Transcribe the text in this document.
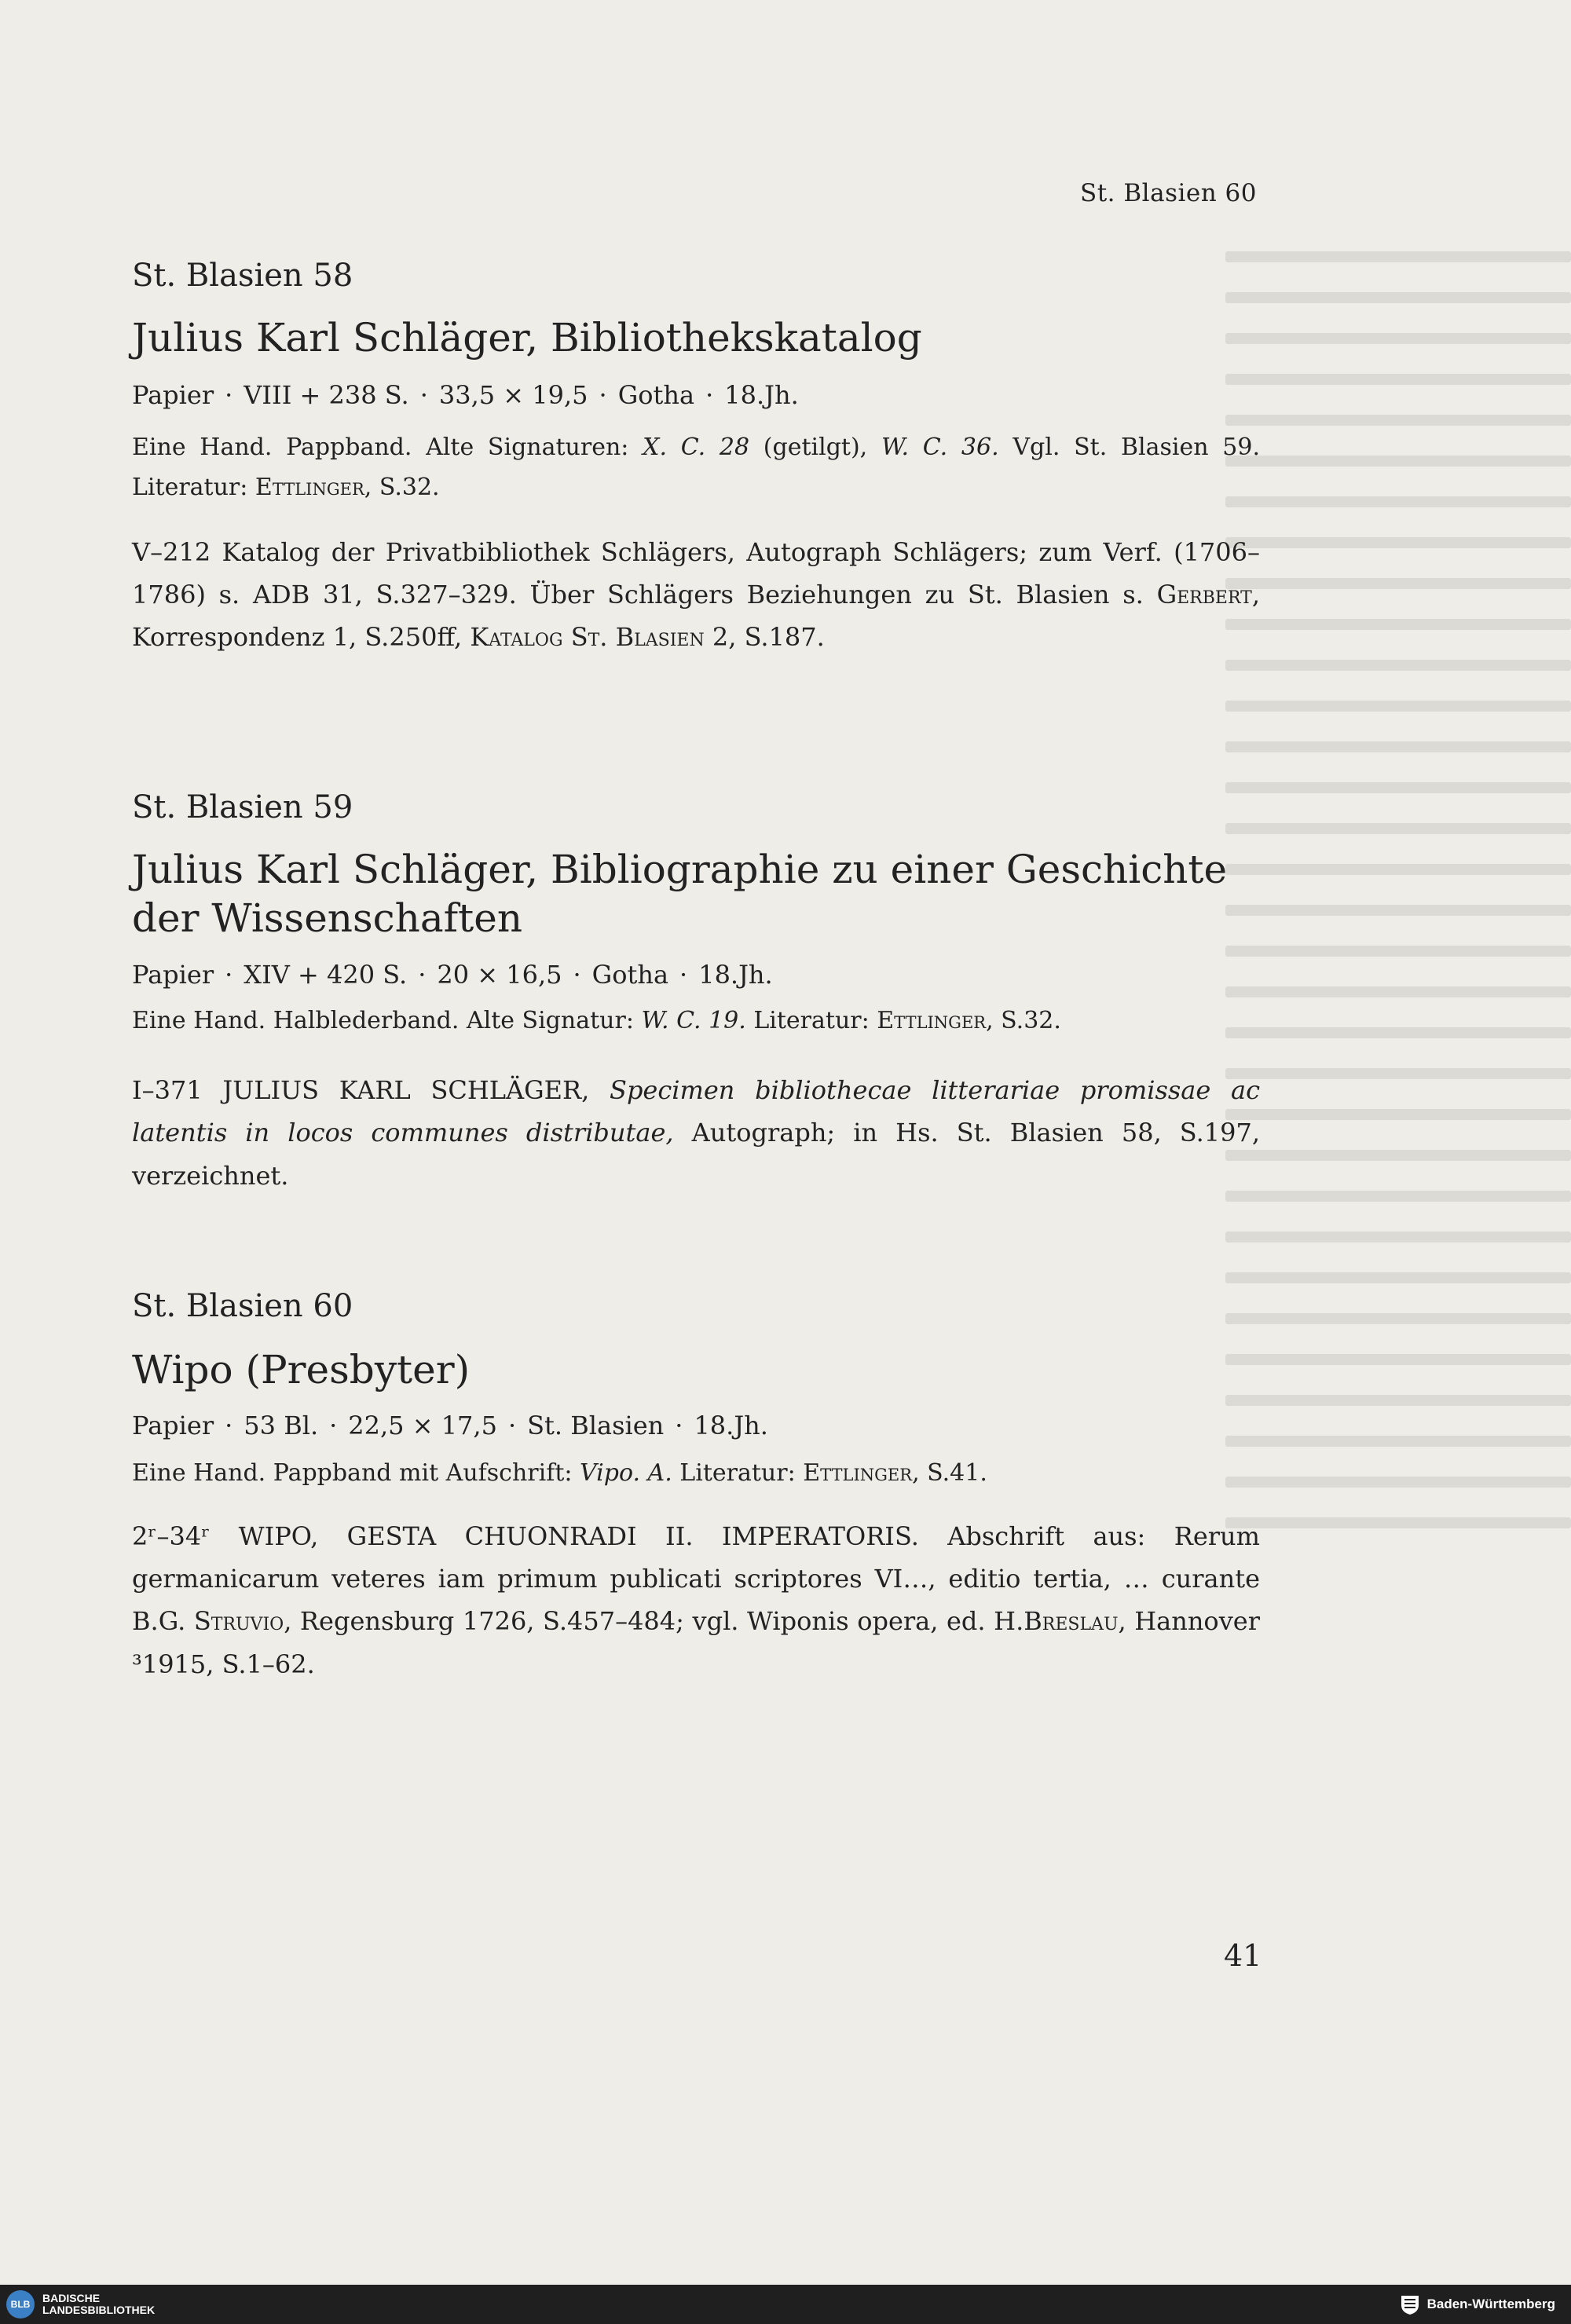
St. Blasien 60
St. Blasien 58
Julius Karl Schläger, Bibliothekskatalog

Papier · VIII + 238 S. · 33,5 × 19,5 · Gotha · 18.Jh.

Eine Hand. Pappband. Alte Signaturen: X. C. 28 (getilgt), W. C. 36. Vgl. St. Blasien 59. Literatur: Ettlinger, S.32.

V–212 Katalog der Privatbibliothek Schlägers, Autograph Schlägers; zum Verf. (1706–1786) s. ADB 31, S.327–329. Über Schlägers Beziehungen zu St. Blasien s. Gerbert, Korrespondenz 1, S.250ff, Katalog St. Blasien 2, S.187.

St. Blasien 59
Julius Karl Schläger, Bibliographie zu einer Geschichte der Wissenschaften

Papier · XIV + 420 S. · 20 × 16,5 · Gotha · 18.Jh.

Eine Hand. Halblederband. Alte Signatur: W. C. 19. Literatur: Ettlinger, S.32.

I–371 JULIUS KARL SCHLÄGER, Specimen bibliothecae litterariae promissae ac latentis in locos communes distributae, Autograph; in Hs. St. Blasien 58, S.197, verzeichnet.

St. Blasien 60
Wipo (Presbyter)

Papier · 53 Bl. · 22,5 × 17,5 · St. Blasien · 18.Jh.

Eine Hand. Pappband mit Aufschrift: Vipo. A. Literatur: Ettlinger, S.41.

2ʳ–34ʳ WIPO, GESTA CHUONRADI II. IMPERATORIS. Abschrift aus: Rerum germanicarum veteres iam primum publicati scriptores VI…, editio tertia, … curante B.G. Struvio, Regensburg 1726, S.457–484; vgl. Wiponis opera, ed. H.Breslau, Hannover ³1915, S.1–62.

41
BLB
BADISCHE
LANDESBIBLIOTHEK	Baden-Württemberg
